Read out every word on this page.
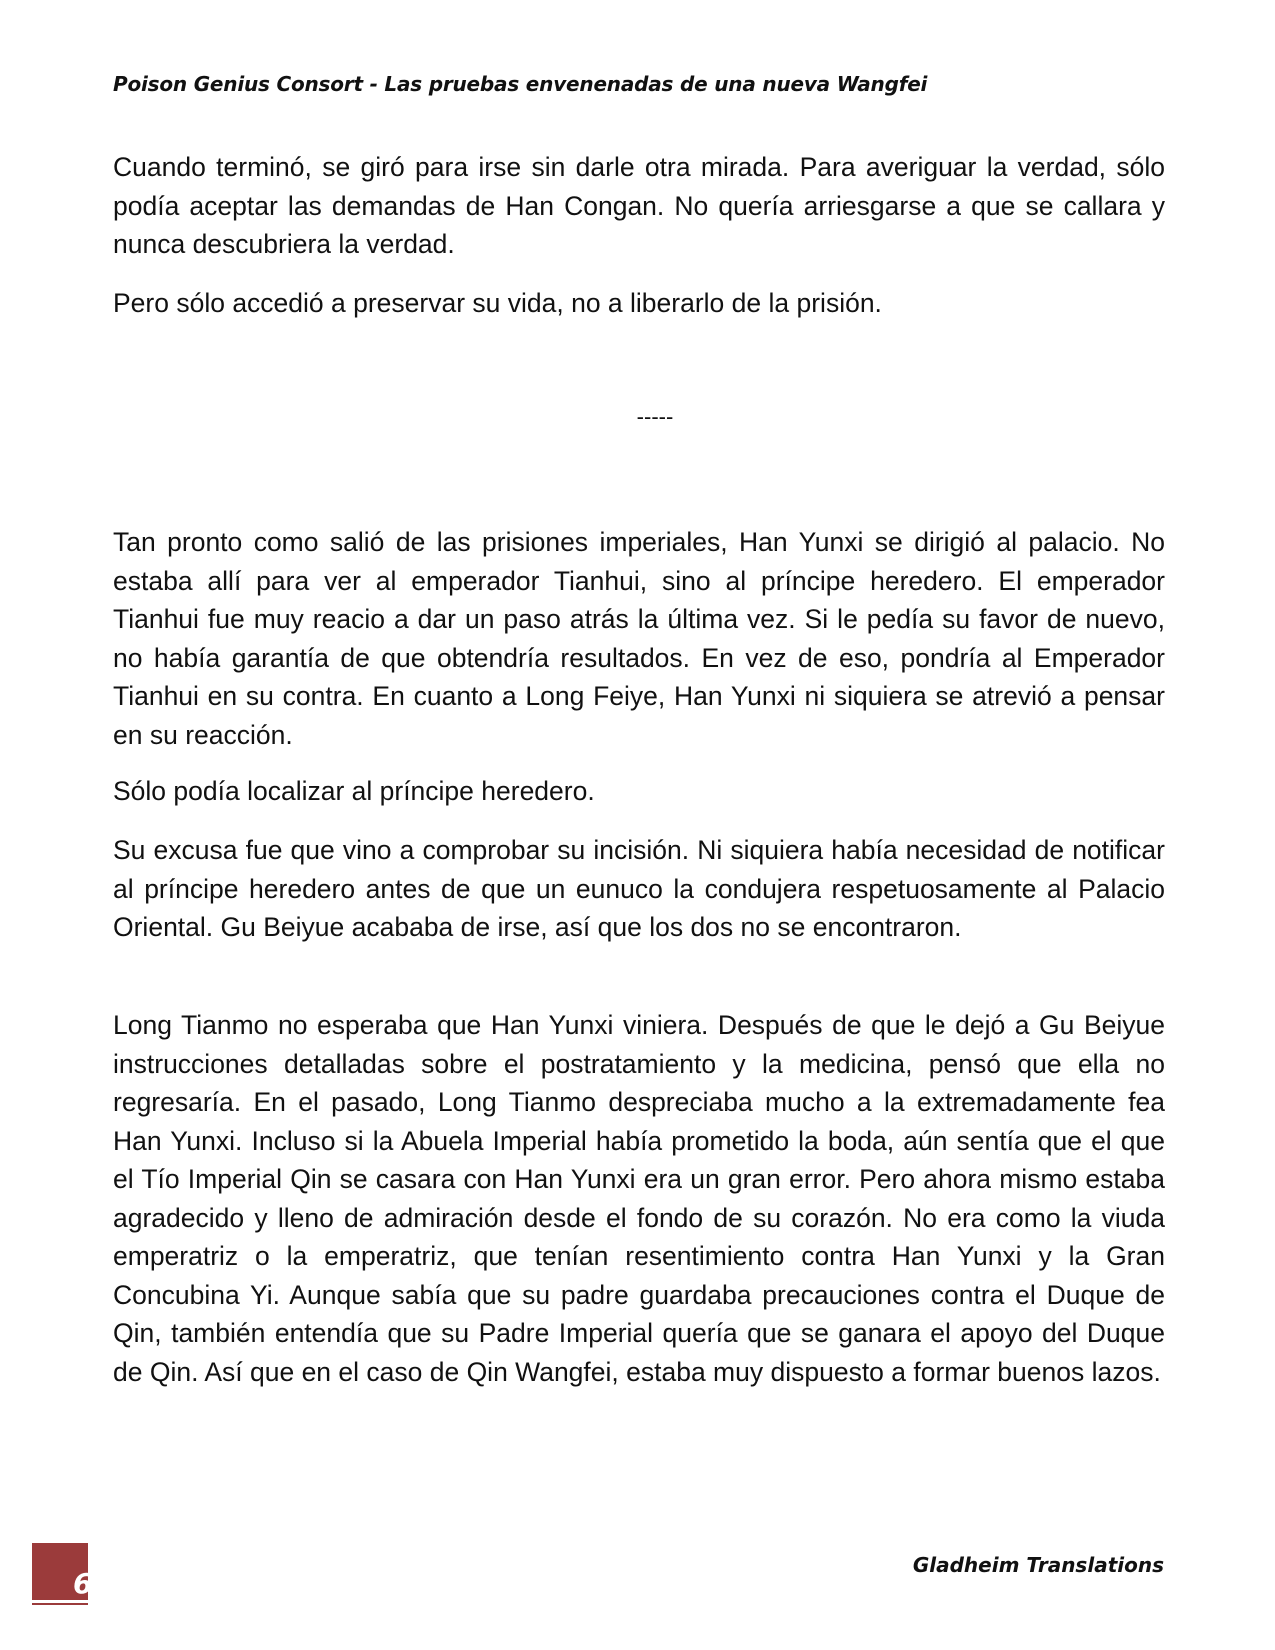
Poison Genius Consort - Las pruebas envenenadas de una nueva Wangfei

Cuando terminó, se giró para irse sin darle otra mirada. Para averiguar la verdad, sólo podía aceptar las demandas de Han Congan. No quería arriesgarse a que se callara y nunca descubriera la verdad.

Pero sólo accedió a preservar su vida, no a liberarlo de la prisión.

-----

Tan pronto como salió de las prisiones imperiales, Han Yunxi se dirigió al palacio. No estaba allí para ver al emperador Tianhui, sino al príncipe heredero. El emperador Tianhui fue muy reacio a dar un paso atrás la última vez. Si le pedía su favor de nuevo, no había garantía de que obtendría resultados. En vez de eso, pondría al Emperador Tianhui en su contra. En cuanto a Long Feiye, Han Yunxi ni siquiera se atrevió a pensar en su reacción.

Sólo podía localizar al príncipe heredero.

Su excusa fue que vino a comprobar su incisión. Ni siquiera había necesidad de notificar al príncipe heredero antes de que un eunuco la condujera respetuosamente al Palacio Oriental. Gu Beiyue acababa de irse, así que los dos no se encontraron.

Long Tianmo no esperaba que Han Yunxi viniera. Después de que le dejó a Gu Beiyue instrucciones detalladas sobre el postratamiento y la medicina, pensó que ella no regresaría. En el pasado, Long Tianmo despreciaba mucho a la extremadamente fea Han Yunxi. Incluso si la Abuela Imperial había prometido la boda, aún sentía que el que el Tío Imperial Qin se casara con Han Yunxi era un gran error. Pero ahora mismo estaba agradecido y lleno de admiración desde el fondo de su corazón. No era como la viuda emperatriz o la emperatriz, que tenían resentimiento contra Han Yunxi y la Gran Concubina Yi. Aunque sabía que su padre guardaba precauciones contra el Duque de Qin, también entendía que su Padre Imperial quería que se ganara el apoyo del Duque de Qin. Así que en el caso de Qin Wangfei, estaba muy dispuesto a formar buenos lazos.

6
Gladheim Translations
